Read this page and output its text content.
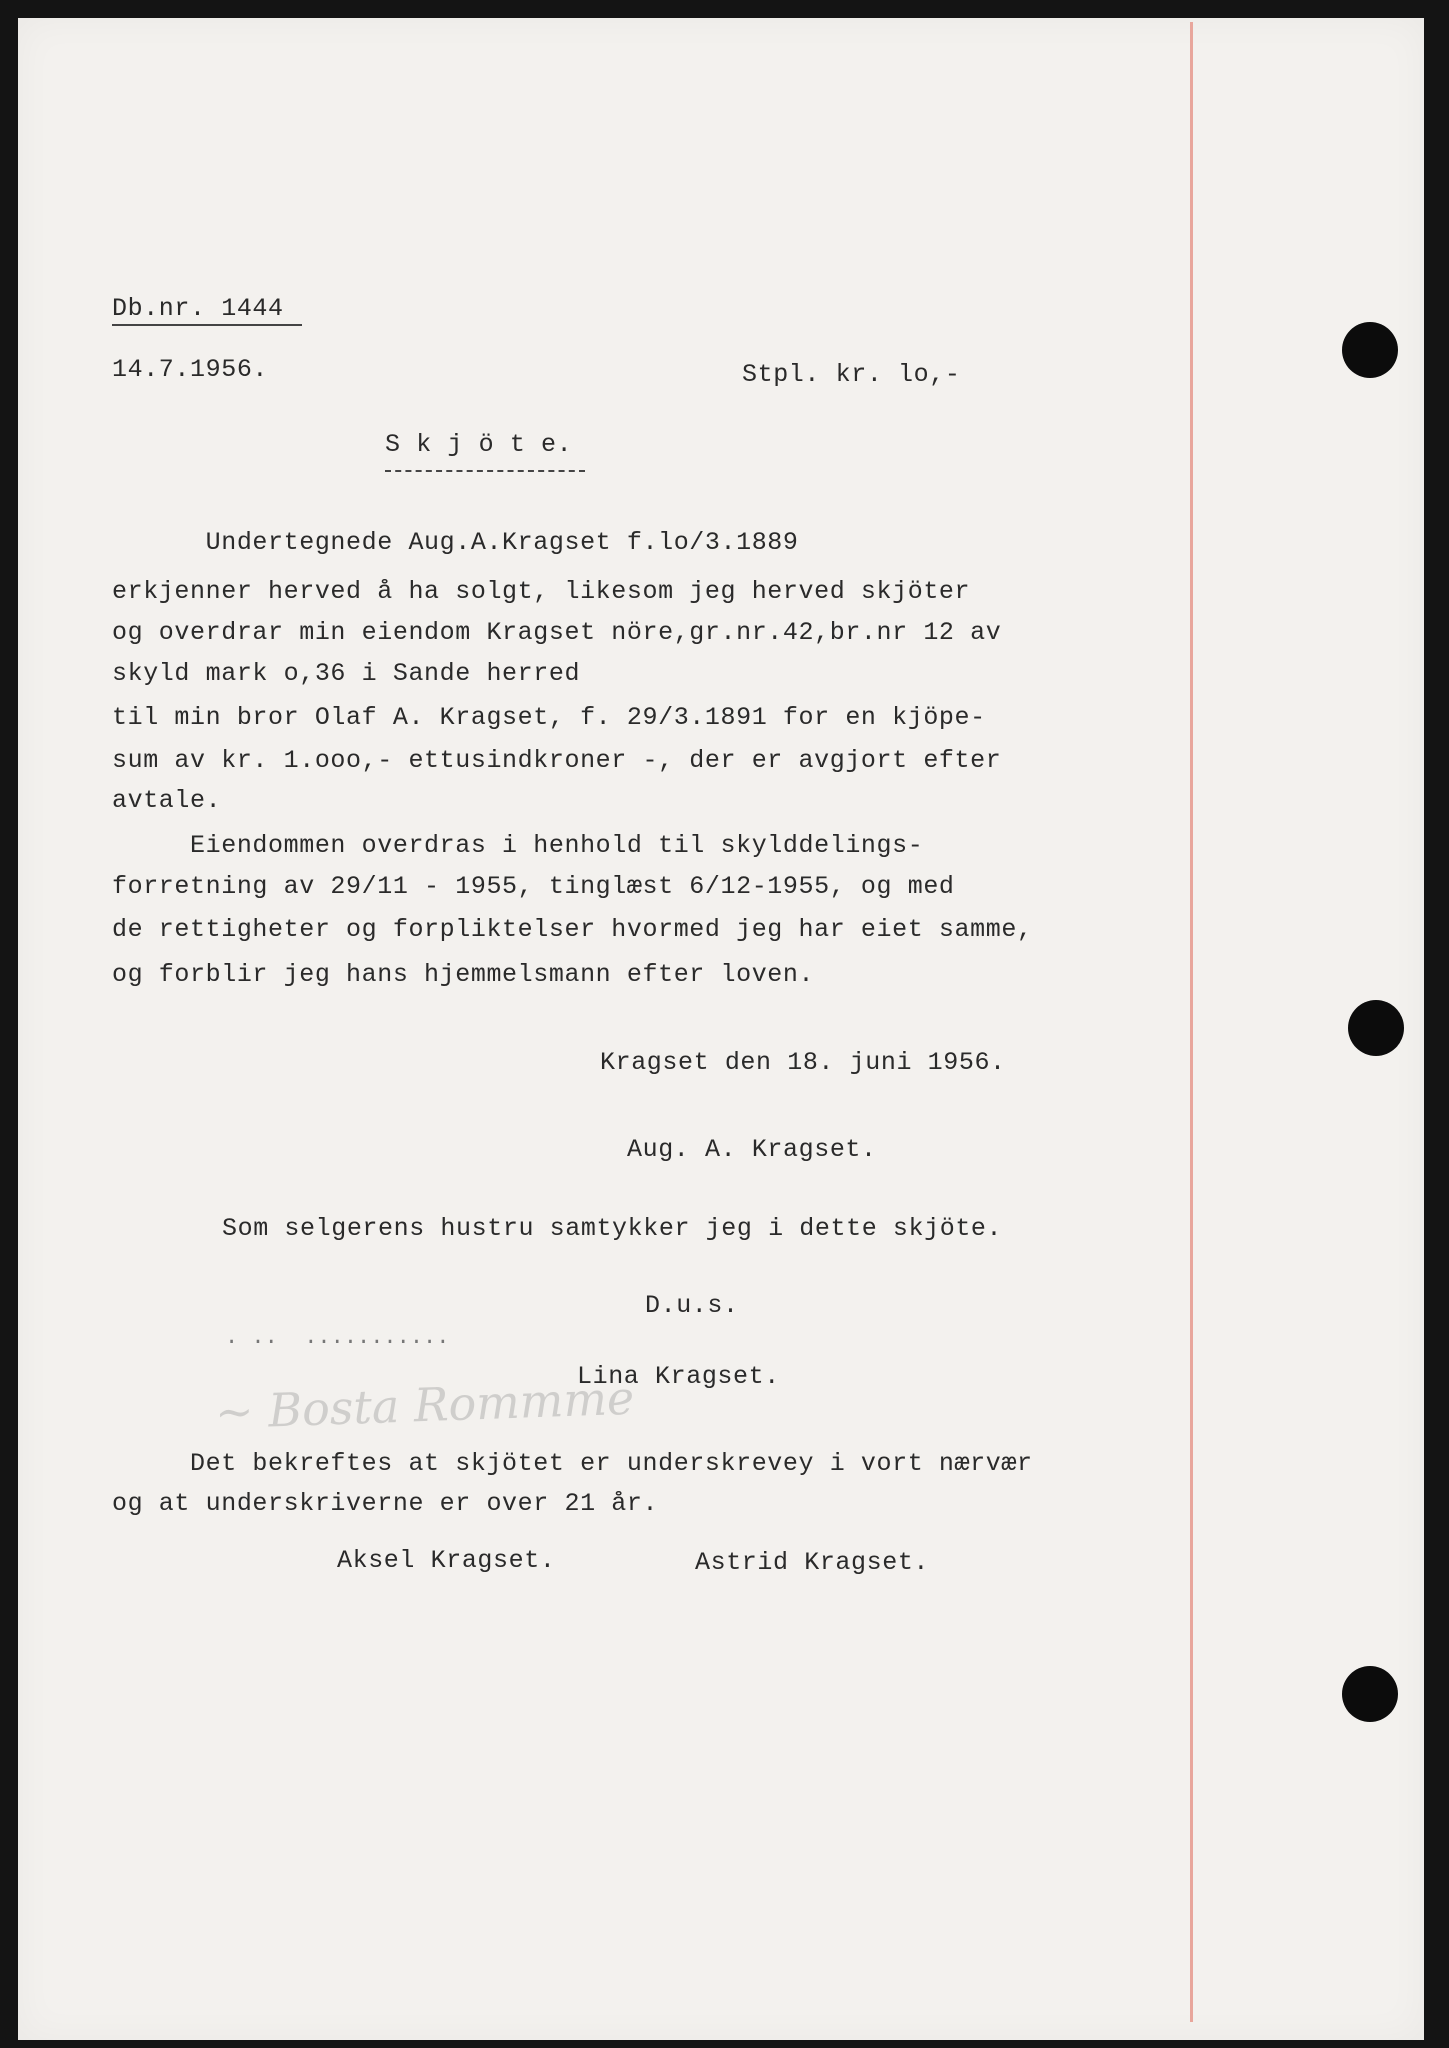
Db.nr. 1444
14.7.1956.	Stpl. kr. lo,-
S k j ö t e.
Undertegnede Aug.A.Kragset f.lo/3.1889
erkjenner herved å ha solgt, likesom jeg herved skjöter
og overdrar min eiendom Kragset nöre,gr.nr.42,br.nr 12 av
skyld mark o,36 i Sande herred
til min bror Olaf A. Kragset, f. 29/3.1891 for en kjöpe-
sum av kr. 1.ooo,- ettusindkroner -, der er avgjort efter
avtale.
Eiendommen overdras i henhold til skylddelings-
forretning av 29/11 - 1955, tinglæst 6/12-1955, og med
de rettigheter og forpliktelser hvormed jeg har eiet samme,
og forblir jeg hans hjemmelsmann efter loven.
Kragset den 18. juni 1956.
Aug. A. Kragset.
Som selgerens hustru samtykker jeg i dette skjöte.
D.u.s.
. ..  ...........
Lina Kragset.
~ Bosta Rommme
Det bekreftes at skjötet er underskrevey i vort nærvær
og at underskriverne er over 21 år.
Aksel Kragset.	Astrid Kragset.
